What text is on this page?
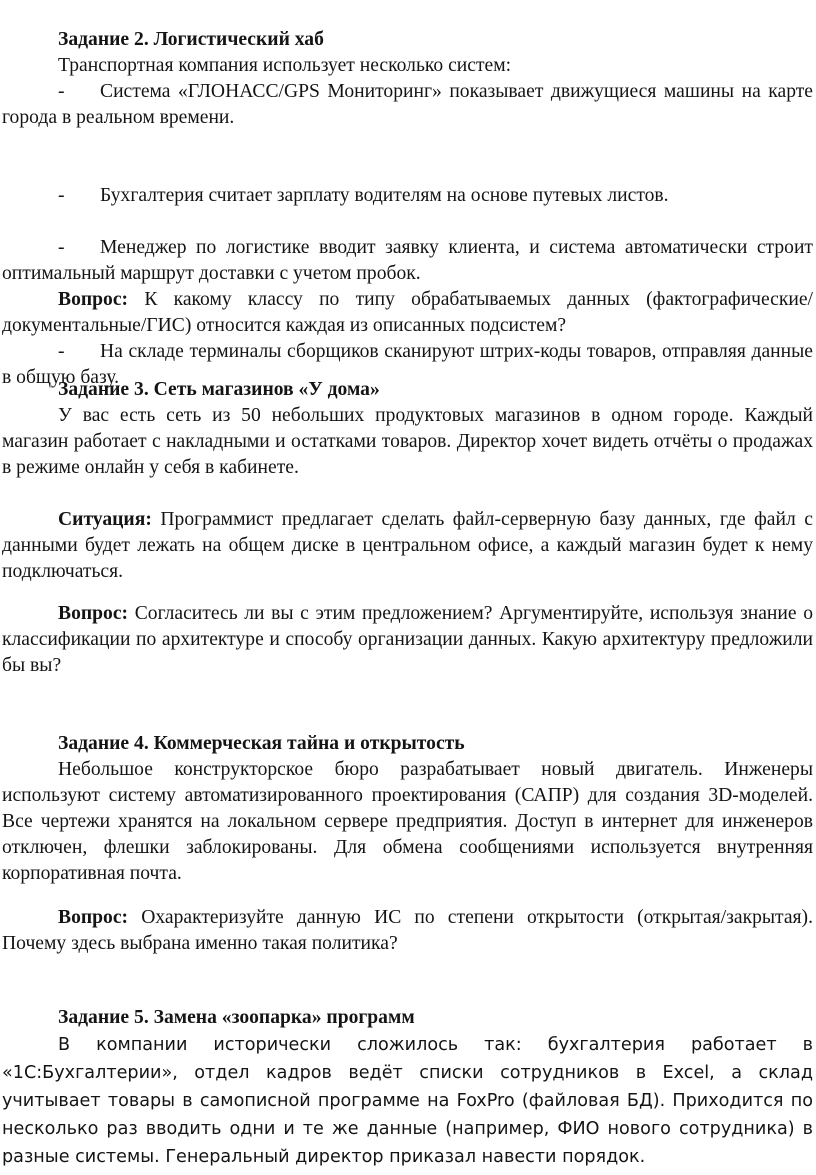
Задание 2. Логистический хаб
Транспортная компания использует несколько систем:
-	Система «ГЛОНАСС/GPS Мониторинг» показывает движущиеся машины на карте города в реальном времени.
-	Бухгалтерия считает зарплату водителям на основе путевых листов.
-	Менеджер по логистике вводит заявку клиента, и система автоматически строит оптимальный маршрут доставки с учетом пробок.
-	На складе терминалы сборщиков сканируют штрих-коды товаров, отправляя данные в общую базу.
Вопрос: К какому классу по типу обрабатываемых данных (фактографические/документальные/ГИС) относится каждая из описанных подсистем?
Задание 3. Сеть магазинов «У дома»
У вас есть сеть из 50 небольших продуктовых магазинов в одном городе. Каждый магазин работает с накладными и остатками товаров. Директор хочет видеть отчёты о продажах в режиме онлайн у себя в кабинете.
Ситуация: Программист предлагает сделать файл-серверную базу данных, где файл с данными будет лежать на общем диске в центральном офисе, а каждый магазин будет к нему подключаться.
Вопрос: Согласитесь ли вы с этим предложением? Аргументируйте, используя знание о классификации по архитектуре и способу организации данных. Какую архитектуру предложили бы вы?
Задание 4. Коммерческая тайна и открытость
Небольшое конструкторское бюро разрабатывает новый двигатель. Инженеры используют систему автоматизированного проектирования (САПР) для создания 3D-моделей. Все чертежи хранятся на локальном сервере предприятия. Доступ в интернет для инженеров отключен, флешки заблокированы. Для обмена сообщениями используется внутренняя корпоративная почта.
Вопрос: Охарактеризуйте данную ИС по степени открытости (открытая/закрытая). Почему здесь выбрана именно такая политика?
Задание 5. Замена «зоопарка» программ
В компании исторически сложилось так: бухгалтерия работает в «1С:Бухгалтерии», отдел кадров ведёт списки сотрудников в Excel, а склад учитывает товары в самописной программе на FoxPro (файловая БД). Приходится по несколько раз вводить одни и те же данные (например, ФИО нового сотрудника) в разные системы. Генеральный директор приказал навести порядок.
